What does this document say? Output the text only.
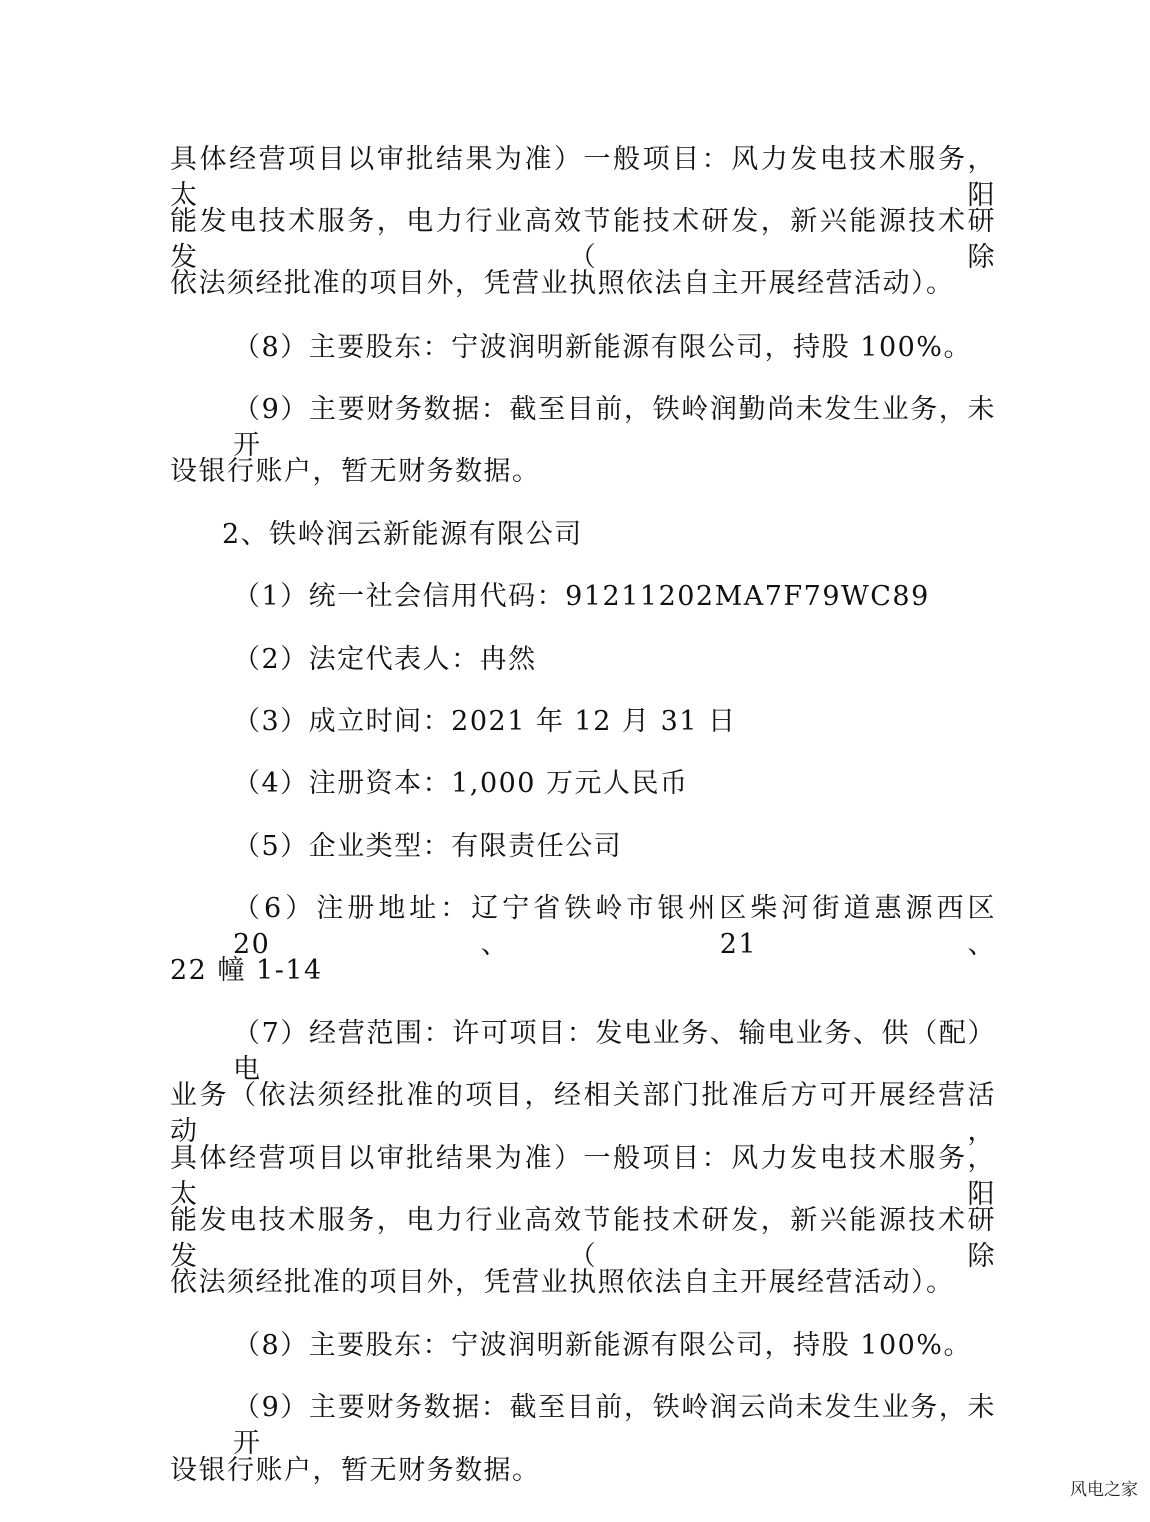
具体经营项目以审批结果为准）一般项目：风力发电技术服务，太阳
能发电技术服务，电力行业高效节能技术研发，新兴能源技术研发（除
依法须经批准的项目外，凭营业执照依法自主开展经营活动）。
（8）主要股东：宁波润明新能源有限公司，持股 100%。
（9）主要财务数据：截至目前，铁岭润勤尚未发生业务，未开
设银行账户，暂无财务数据。
2、铁岭润云新能源有限公司
（1）统一社会信用代码：91211202MA7F79WC89
（2）法定代表人：冉然
（3）成立时间：2021 年 12 月 31 日
（4）注册资本：1,000 万元人民币
（5）企业类型：有限责任公司
（6）注册地址：辽宁省铁岭市银州区柴河街道惠源西区 20、21、
22 幢 1-14
（7）经营范围：许可项目：发电业务、输电业务、供（配）电
业务（依法须经批准的项目，经相关部门批准后方可开展经营活动，
具体经营项目以审批结果为准）一般项目：风力发电技术服务，太阳
能发电技术服务，电力行业高效节能技术研发，新兴能源技术研发（除
依法须经批准的项目外，凭营业执照依法自主开展经营活动）。
（8）主要股东：宁波润明新能源有限公司，持股 100%。
（9）主要财务数据：截至目前，铁岭润云尚未发生业务，未开
设银行账户，暂无财务数据。
风电之家
